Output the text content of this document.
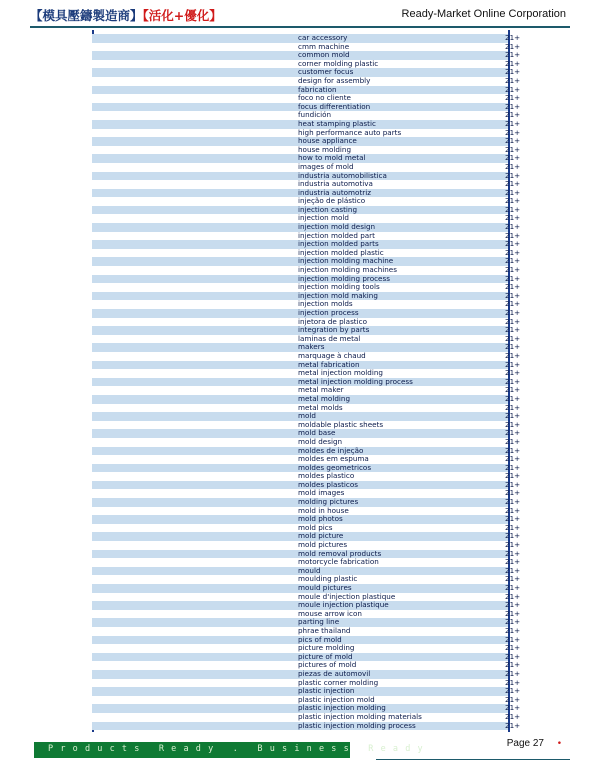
【模具壓鑄製造商】【活化+優化】	Ready-Market Online Corporation
car accessory	21+
cmm machine	21+
common mold	21+
corner molding plastic	21+
customer focus	21+
design for assembly	21+
fabrication	21+
foco no cliente	21+
focus differentiation	21+
fundición	21+
heat stamping plastic	21+
high performance auto parts	21+
house appliance	21+
house molding	21+
how to mold metal	21+
images of mold	21+
industria automobilistica	21+
industria automotiva	21+
industria automotriz	21+
injeção de plástico	21+
injection casting	21+
injection mold	21+
injection mold design	21+
injection molded part	21+
injection molded parts	21+
injection molded plastic	21+
injection molding machine	21+
injection molding machines	21+
injection molding process	21+
injection molding tools	21+
injection mold making	21+
injection molds	21+
injection process	21+
injetora de plastico	21+
integration by parts	21+
laminas de metal	21+
makers	21+
marquage à chaud	21+
metal fabrication	21+
metal injection molding	21+
metal injection molding process	21+
metal maker	21+
metal molding	21+
metal molds	21+
mold	21+
moldable plastic sheets	21+
mold base	21+
mold design	21+
moldes de injeção	21+
moldes em espuma	21+
moldes geometricos	21+
moldes plastico	21+
moldes plasticos	21+
mold images	21+
molding pictures	21+
mold in house	21+
mold photos	21+
mold pics	21+
mold picture	21+
mold pictures	21+
mold removal products	21+
motorcycle fabrication	21+
mould	21+
moulding plastic	21+
mould pictures	21+
moule d'injection plastique	21+
moule injection plastique	21+
mouse arrow icon	21+
parting line	21+
phrae thailand	21+
pics of mold	21+
picture molding	21+
picture of mold	21+
pictures of mold	21+
piezas de automovil	21+
plastic corner molding	21+
plastic injection	21+
plastic injection mold	21+
plastic injection molding	21+
plastic injection molding materials	21+
plastic injection molding process	21+
Products Ready . Business Ready	Page 27 •
